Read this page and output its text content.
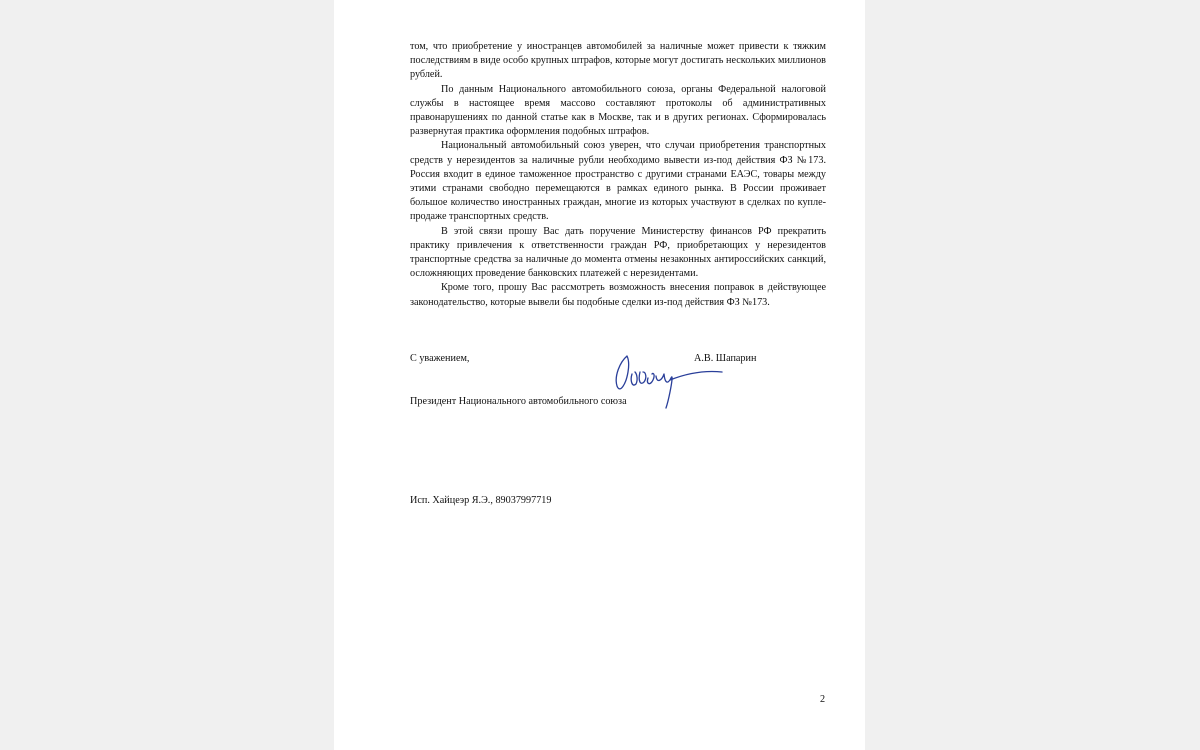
том, что приобретение у иностранцев автомобилей за наличные может привести к тяжким последствиям в виде особо крупных штрафов, которые могут достигать нескольких миллионов рублей.

По данным Национального автомобильного союза, органы Федеральной налоговой службы в настоящее время массово составляют протоколы об административных правонарушениях по данной статье как в Москве, так и в других регионах. Сформировалась развернутая практика оформления подобных штрафов.

Национальный автомобильный союз уверен, что случаи приобретения транспортных средств у нерезидентов за наличные рубли необходимо вывести из-под действия ФЗ №173. Россия входит в единое таможенное пространство с другими странами ЕАЭС, товары между этими странами свободно перемещаются в рамках единого рынка. В России проживает большое количество иностранных граждан, многие из которых участвуют в сделках по купле-продаже транспортных средств.

В этой связи прошу Вас дать поручение Министерству финансов РФ прекратить практику привлечения к ответственности граждан РФ, приобретающих у нерезидентов транспортные средства за наличные до момента отмены незаконных антироссийских санкций, осложняющих проведение банковских платежей с нерезидентами.

Кроме того, прошу Вас рассмотреть возможность внесения поправок в действующее законодательство, которые вывели бы подобные сделки из-под действия ФЗ №173.

С уважением,	А.В. Шапарин
Президент Национального автомобильного союза
Исп. Хайцеэр Я.Э., 89037997719
2
